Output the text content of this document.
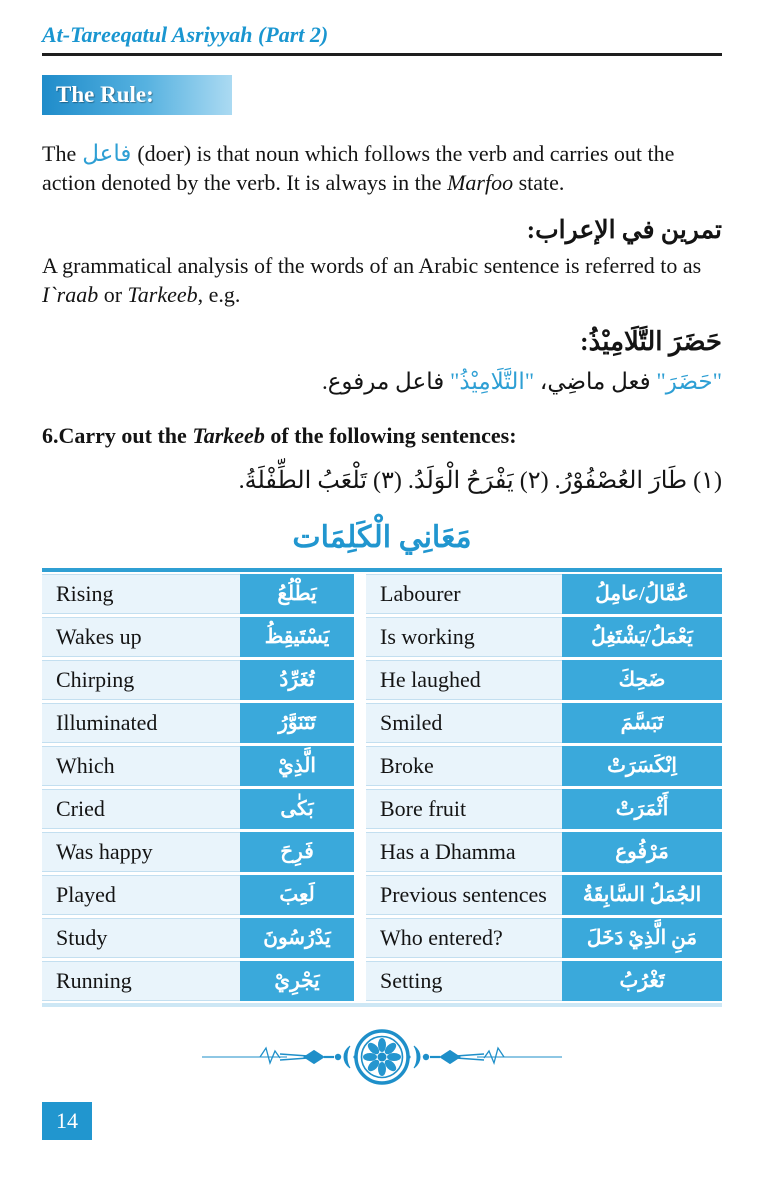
At-Tareeqatul Asriyyah (Part 2)
The Rule:
The فاعل (doer) is that noun which follows the verb and carries out the action denoted by the verb. It is always in the Marfoo state.
تمرين في الإعراب:
A grammatical analysis of the words of an Arabic sentence is referred to as I`raab or Tarkeeb, e.g.
حَضَرَ التَّلَامِيْذُ:
"حَضَرَ" فعل ماضِي، "التَّلَامِيْذُ" فاعل مرفوع.
6.Carry out the Tarkeeb of the following sentences:
(١) طَارَ العُصْفُوْرُ. (٢) يَفْرَحُ الْوَلَدُ. (٣) تَلْعَبُ الطِّفْلَةُ.
مَعَانِي الْكَلِمَات
Rising	يَطْلُعُ	Labourer	عُمَّالُ/عامِلُ
Wakes up	يَسْتَيقِظُ	Is working	يَعْمَلُ/يَشْتَغِلُ
Chirping	تُغَرِّدُ	He laughed	ضَحِكَ
Illuminated	تَتَنَوَّرُ	Smiled	تَبَسَّمَ
Which	الَّذِيْ	Broke	اِنْكَسَرَتْ
Cried	بَكٰى	Bore fruit	أَثْمَرَتْ
Was happy	فَرِحَ	Has a Dhamma	مَرْفُوع
Played	لَعِبَ	Previous sentences	الجُمَلُ السَّابِقَةُ
Study	يَدْرُسُونَ	Who entered?	مَنِ الَّذِيْ دَخَلَ
Running	يَجْرِيْ	Setting	تَغْرُبُ
14
